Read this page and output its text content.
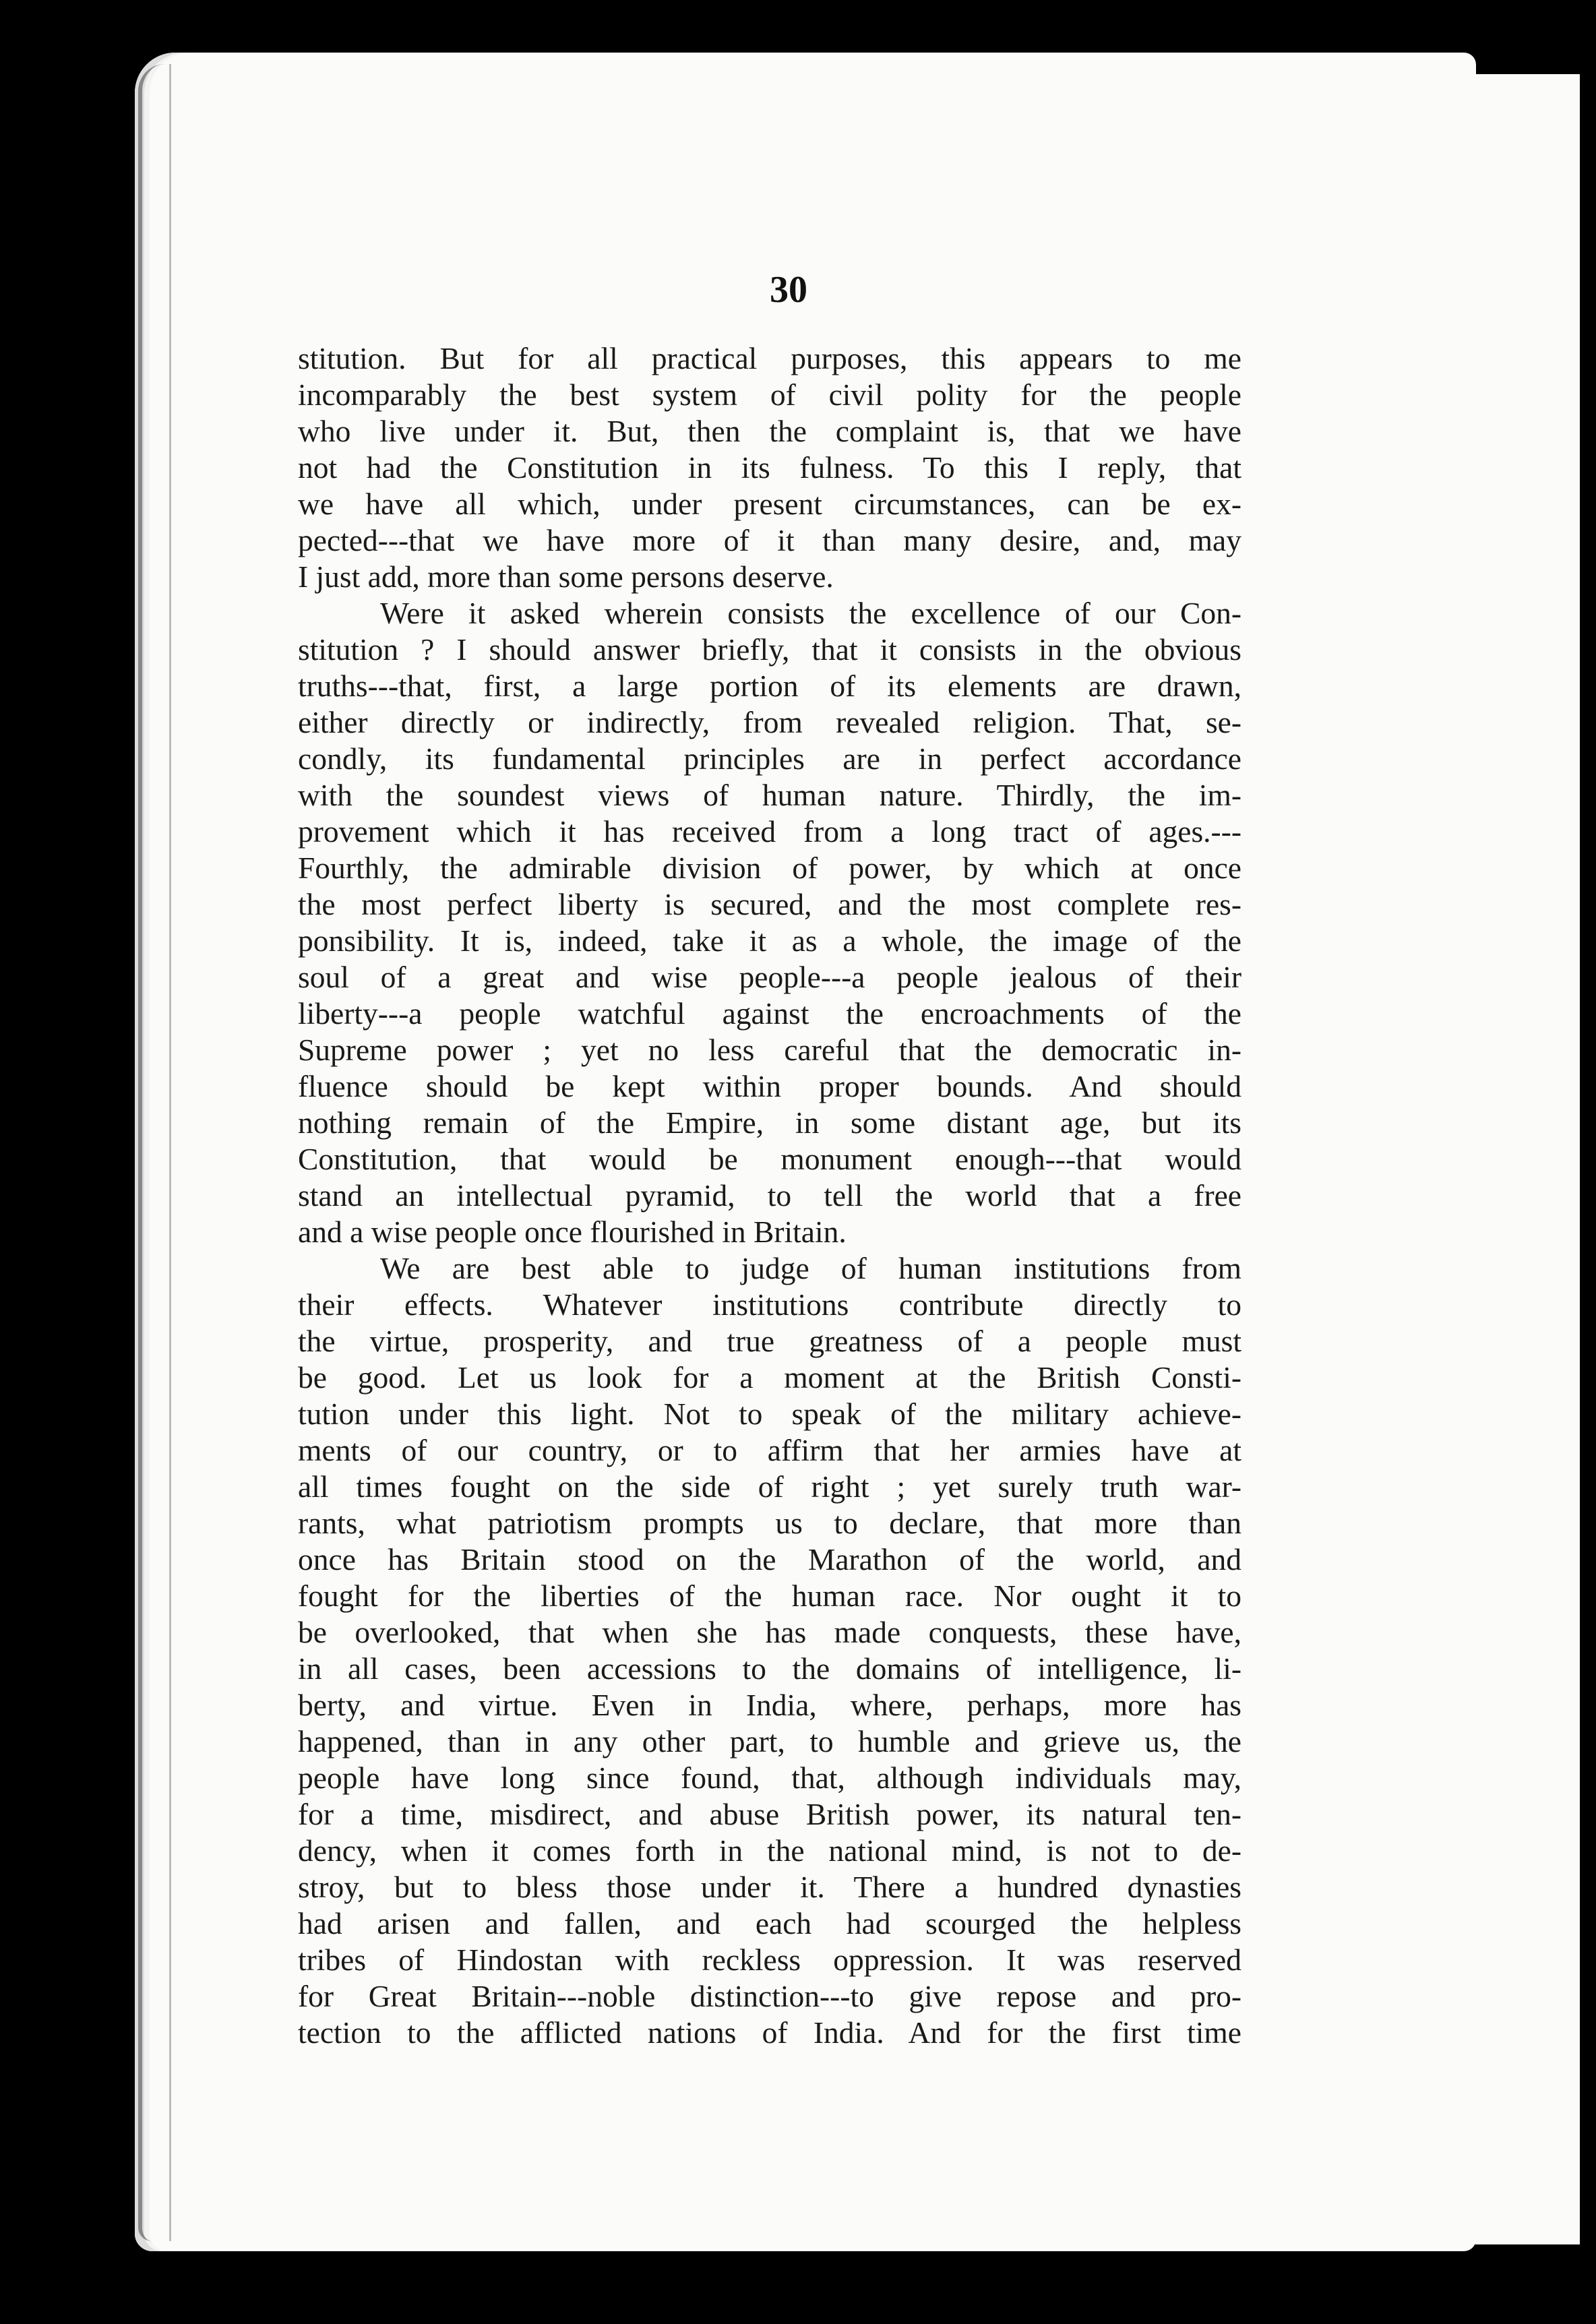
30
stitution. But for all practical purposes, this appears to me
incomparably the best system of civil polity for the people
who live under it. But, then the complaint is, that we have
not had the Constitution in its fulness. To this I reply, that
we have all which, under present circumstances, can be ex-
pected---that we have more of it than many desire, and, may
I just add, more than some persons deserve.
Were it asked wherein consists the excellence of our Con-
stitution ? I should answer briefly, that it consists in the obvious
truths---that, first, a large portion of its elements are drawn,
either directly or indirectly, from revealed religion. That, se-
condly, its fundamental principles are in perfect accordance
with the soundest views of human nature. Thirdly, the im-
provement which it has received from a long tract of ages.---
Fourthly, the admirable division of power, by which at once
the most perfect liberty is secured, and the most complete res-
ponsibility. It is, indeed, take it as a whole, the image of the
soul of a great and wise people---a people jealous of their
liberty---a people watchful against the encroachments of the
Supreme power ; yet no less careful that the democratic in-
fluence should be kept within proper bounds. And should
nothing remain of the Empire, in some distant age, but its
Constitution, that would be monument enough---that would
stand an intellectual pyramid, to tell the world that a free
and a wise people once flourished in Britain.
We are best able to judge of human institutions from
their effects. Whatever institutions contribute directly to
the virtue, prosperity, and true greatness of a people must
be good. Let us look for a moment at the British Consti-
tution under this light. Not to speak of the military achieve-
ments of our country, or to affirm that her armies have at
all times fought on the side of right ; yet surely truth war-
rants, what patriotism prompts us to declare, that more than
once has Britain stood on the Marathon of the world, and
fought for the liberties of the human race. Nor ought it to
be overlooked, that when she has made conquests, these have,
in all cases, been accessions to the domains of intelligence, li-
berty, and virtue. Even in India, where, perhaps, more has
happened, than in any other part, to humble and grieve us, the
people have long since found, that, although individuals may,
for a time, misdirect, and abuse British power, its natural ten-
dency, when it comes forth in the national mind, is not to de-
stroy, but to bless those under it. There a hundred dynasties
had arisen and fallen, and each had scourged the helpless
tribes of Hindostan with reckless oppression. It was reserved
for Great Britain---noble distinction---to give repose and pro-
tection to the afflicted nations of India. And for the first time
